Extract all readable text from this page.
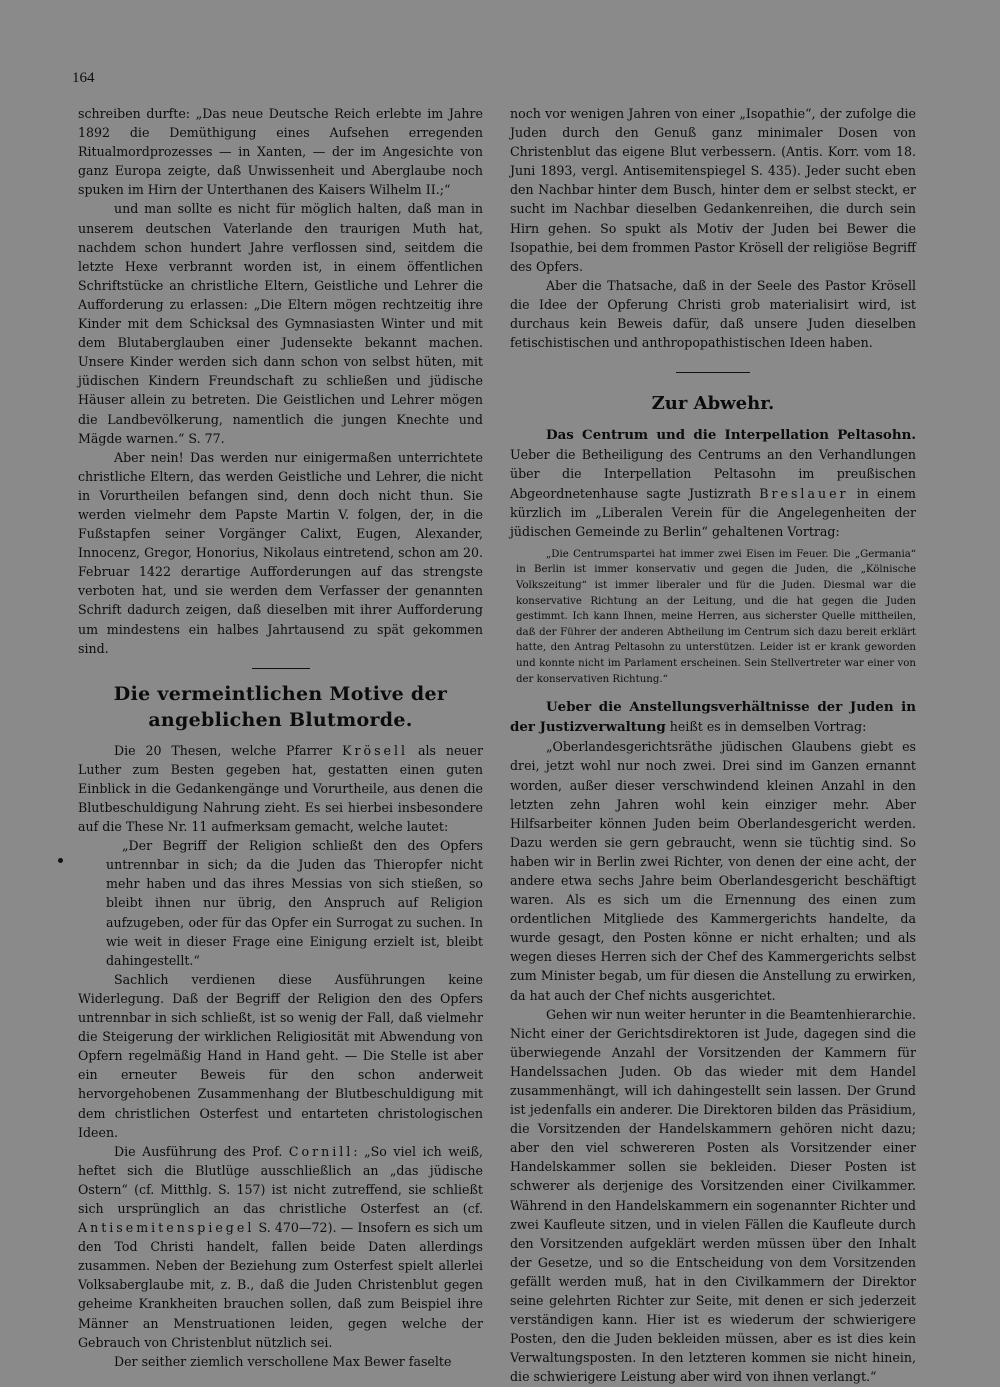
164

schreiben durfte: „Das neue Deutsche Reich erlebte im Jahre 1892 die Demüthigung eines Aufsehen erregenden Ritualmordprozesses — in Xanten, — der im Angesichte von ganz Europa zeigte, daß Unwissenheit und Aberglaube noch spuken im Hirn der Unterthanen des Kaisers Wilhelm II.;“

und man sollte es nicht für möglich halten, daß man in unserem deutschen Vaterlande den traurigen Muth hat, nachdem schon hundert Jahre verflossen sind, seitdem die letzte Hexe verbrannt worden ist, in einem öffentlichen Schriftstücke an christliche Eltern, Geistliche und Lehrer die Aufforderung zu erlassen: „Die Eltern mögen rechtzeitig ihre Kinder mit dem Schicksal des Gymnasiasten Winter und mit dem Blutaberglauben einer Judensekte bekannt machen. Unsere Kinder werden sich dann schon von selbst hüten, mit jüdischen Kindern Freundschaft zu schließen und jüdische Häuser allein zu betreten. Die Geistlichen und Lehrer mögen die Landbevölkerung, namentlich die jungen Knechte und Mägde warnen.“ S. 77.

Aber nein! Das werden nur einigermaßen unterrichtete christliche Eltern, das werden Geistliche und Lehrer, die nicht in Vorurtheilen befangen sind, denn doch nicht thun. Sie werden vielmehr dem Papste Martin V. folgen, der, in die Fußstapfen seiner Vorgänger Calixt, Eugen, Alexander, Innocenz, Gregor, Honorius, Nikolaus eintretend, schon am 20. Februar 1422 derartige Aufforderungen auf das strengste verboten hat, und sie werden dem Verfasser der genannten Schrift dadurch zeigen, daß dieselben mit ihrer Aufforderung um mindestens ein halbes Jahrtausend zu spät gekommen sind.

Die vermeintlichen Motive der angeblichen Blutmorde.

Die 20 Thesen, welche Pfarrer Krösell als neuer Luther zum Besten gegeben hat, gestatten einen guten Einblick in die Gedankengänge und Vorurtheile, aus denen die Blutbeschuldigung Nahrung zieht. Es sei hierbei insbesondere auf die These Nr. 11 aufmerksam gemacht, welche lautet:

„Der Begriff der Religion schließt den des Opfers untrennbar in sich; da die Juden das Thieropfer nicht mehr haben und das ihres Messias von sich stießen, so bleibt ihnen nur übrig, den Anspruch auf Religion aufzugeben, oder für das Opfer ein Surrogat zu suchen. In wie weit in dieser Frage eine Einigung erzielt ist, bleibt dahingestellt.“

Sachlich verdienen diese Ausführungen keine Widerlegung. Daß der Begriff der Religion den des Opfers untrennbar in sich schließt, ist so wenig der Fall, daß vielmehr die Steigerung der wirklichen Religiosität mit Abwendung von Opfern regelmäßig Hand in Hand geht. — Die Stelle ist aber ein erneuter Beweis für den schon anderweit hervorgehobenen Zusammenhang der Blutbeschuldigung mit dem christlichen Osterfest und entarteten christologischen Ideen.

Die Ausführung des Prof. Cornill: „So viel ich weiß, heftet sich die Blutlüge ausschließlich an „das jüdische Ostern“ (cf. Mitthlg. S. 157) ist nicht zutreffend, sie schließt sich ursprünglich an das christliche Osterfest an (cf. Antisemitenspiegel S. 470—72). — Insofern es sich um den Tod Christi handelt, fallen beide Daten allerdings zusammen. Neben der Beziehung zum Osterfest spielt allerlei Volksaberglaube mit, z. B., daß die Juden Christenblut gegen geheime Krankheiten brauchen sollen, daß zum Beispiel ihre Männer an Menstruationen leiden, gegen welche der Gebrauch von Christenblut nützlich sei.

Der seither ziemlich verschollene Max Bewer faselte

noch vor wenigen Jahren von einer „Isopathie“, der zufolge die Juden durch den Genuß ganz minimaler Dosen von Christenblut das eigene Blut verbessern. (Antis. Korr. vom 18. Juni 1893, vergl. Antisemitenspiegel S. 435). Jeder sucht eben den Nachbar hinter dem Busch, hinter dem er selbst steckt, er sucht im Nachbar dieselben Gedankenreihen, die durch sein Hirn gehen. So spukt als Motiv der Juden bei Bewer die Isopathie, bei dem frommen Pastor Krösell der religiöse Begriff des Opfers.

Aber die Thatsache, daß in der Seele des Pastor Krösell die Idee der Opferung Christi grob materialisirt wird, ist durchaus kein Beweis dafür, daß unsere Juden dieselben fetischistischen und anthropopathistischen Ideen haben.

Zur Abwehr.

Das Centrum und die Interpellation Peltasohn. Ueber die Betheiligung des Centrums an den Verhandlungen über die Interpellation Peltasohn im preußischen Abgeordnetenhause sagte Justizrath Breslauer in einem kürzlich im „Liberalen Verein für die Angelegenheiten der jüdischen Gemeinde zu Berlin“ gehaltenen Vortrag:

„Die Centrumspartei hat immer zwei Eisen im Feuer. Die „Germania“ in Berlin ist immer konservativ und gegen die Juden, die „Kölnische Volkszeitung“ ist immer liberaler und für die Juden. Diesmal war die konservative Richtung an der Leitung, und die hat gegen die Juden gestimmt. Ich kann Ihnen, meine Herren, aus sicherster Quelle mittheilen, daß der Führer der anderen Abtheilung im Centrum sich dazu bereit erklärt hatte, den Antrag Peltasohn zu unterstützen. Leider ist er krank geworden und konnte nicht im Parlament erscheinen. Sein Stellvertreter war einer von der konservativen Richtung.“

Ueber die Anstellungsverhältnisse der Juden in der Justizverwaltung heißt es in demselben Vortrag:

„Oberlandesgerichtsräthe jüdischen Glaubens giebt es drei, jetzt wohl nur noch zwei. Drei sind im Ganzen ernannt worden, außer dieser verschwindend kleinen Anzahl in den letzten zehn Jahren wohl kein einziger mehr. Aber Hilfsarbeiter können Juden beim Oberlandesgericht werden. Dazu werden sie gern gebraucht, wenn sie tüchtig sind. So haben wir in Berlin zwei Richter, von denen der eine acht, der andere etwa sechs Jahre beim Oberlandesgericht beschäftigt waren. Als es sich um die Ernennung des einen zum ordentlichen Mitgliede des Kammergerichts handelte, da wurde gesagt, den Posten könne er nicht erhalten; und als wegen dieses Herren sich der Chef des Kammergerichts selbst zum Minister begab, um für diesen die Anstellung zu erwirken, da hat auch der Chef nichts ausgerichtet.

Gehen wir nun weiter herunter in die Beamtenhierarchie. Nicht einer der Gerichtsdirektoren ist Jude, dagegen sind die überwiegende Anzahl der Vorsitzenden der Kammern für Handelssachen Juden. Ob das wieder mit dem Handel zusammenhängt, will ich dahingestellt sein lassen. Der Grund ist jedenfalls ein anderer. Die Direktoren bilden das Präsidium, die Vorsitzenden der Handelskammern gehören nicht dazu; aber den viel schwereren Posten als Vorsitzender einer Handelskammer sollen sie bekleiden. Dieser Posten ist schwerer als derjenige des Vorsitzenden einer Civilkammer. Während in den Handelskammern ein sogenannter Richter und zwei Kaufleute sitzen, und in vielen Fällen die Kaufleute durch den Vorsitzenden aufgeklärt werden müssen über den Inhalt der Gesetze, und so die Entscheidung von dem Vorsitzenden gefällt werden muß, hat in den Civilkammern der Direktor seine gelehrten Richter zur Seite, mit denen er sich jederzeit verständigen kann. Hier ist es wiederum der schwierigere Posten, den die Juden bekleiden müssen, aber es ist dies kein Verwaltungsposten. In den letzteren kommen sie nicht hinein, die schwierigere Leistung aber wird von ihnen verlangt.“
